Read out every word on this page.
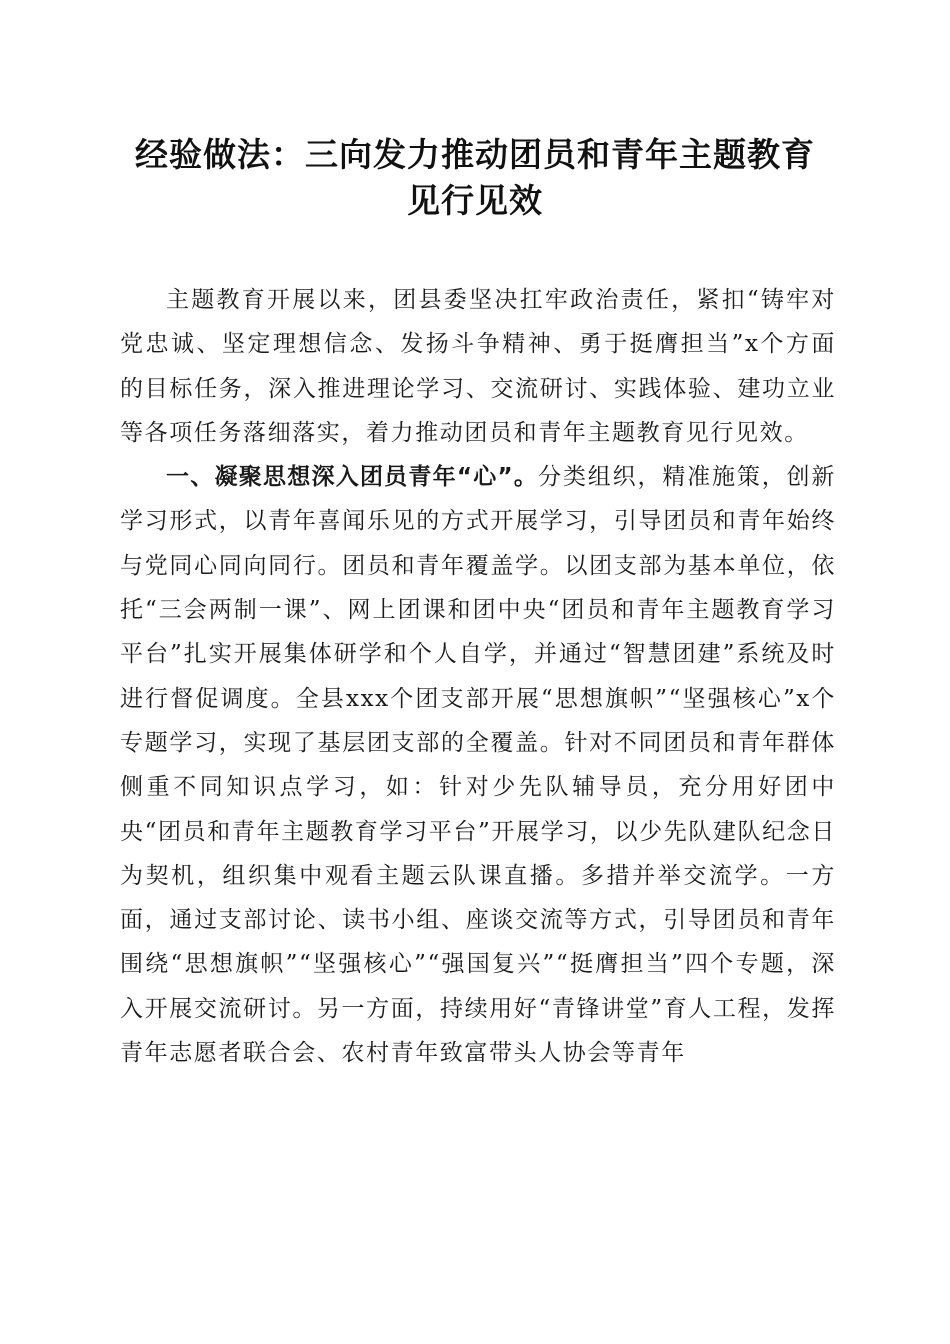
经验做法：三向发力推动团员和青年主题教育
见行见效

主题教育开展以来，团县委坚决扛牢政治责任，紧扣“铸牢对党忠诚、坚定理想信念、发扬斗争精神、勇于挺膺担当”x个方面的目标任务，深入推进理论学习、交流研讨、实践体验、建功立业等各项任务落细落实，着力推动团员和青年主题教育见行见效。

一、凝聚思想深入团员青年“心”。分类组织，精准施策，创新学习形式，以青年喜闻乐见的方式开展学习，引导团员和青年始终与党同心同向同行。团员和青年覆盖学。以团支部为基本单位，依托“三会两制一课”、网上团课和团中央“团员和青年主题教育学习平台”扎实开展集体研学和个人自学，并通过“智慧团建”系统及时进行督促调度。全县xxx个团支部开展“思想旗帜”“坚强核心”x个专题学习，实现了基层团支部的全覆盖。针对不同团员和青年群体侧重不同知识点学习，如：针对少先队辅导员，充分用好团中央“团员和青年主题教育学习平台”开展学习，以少先队建队纪念日为契机，组织集中观看主题云队课直播。多措并举交流学。一方面，通过支部讨论、读书小组、座谈交流等方式，引导团员和青年围绕“思想旗帜”“坚强核心”“强国复兴”“挺膺担当”四个专题，深入开展交流研讨。另一方面，持续用好“青锋讲堂”育人工程，发挥青年志愿者联合会、农村青年致富带头人协会等青年
